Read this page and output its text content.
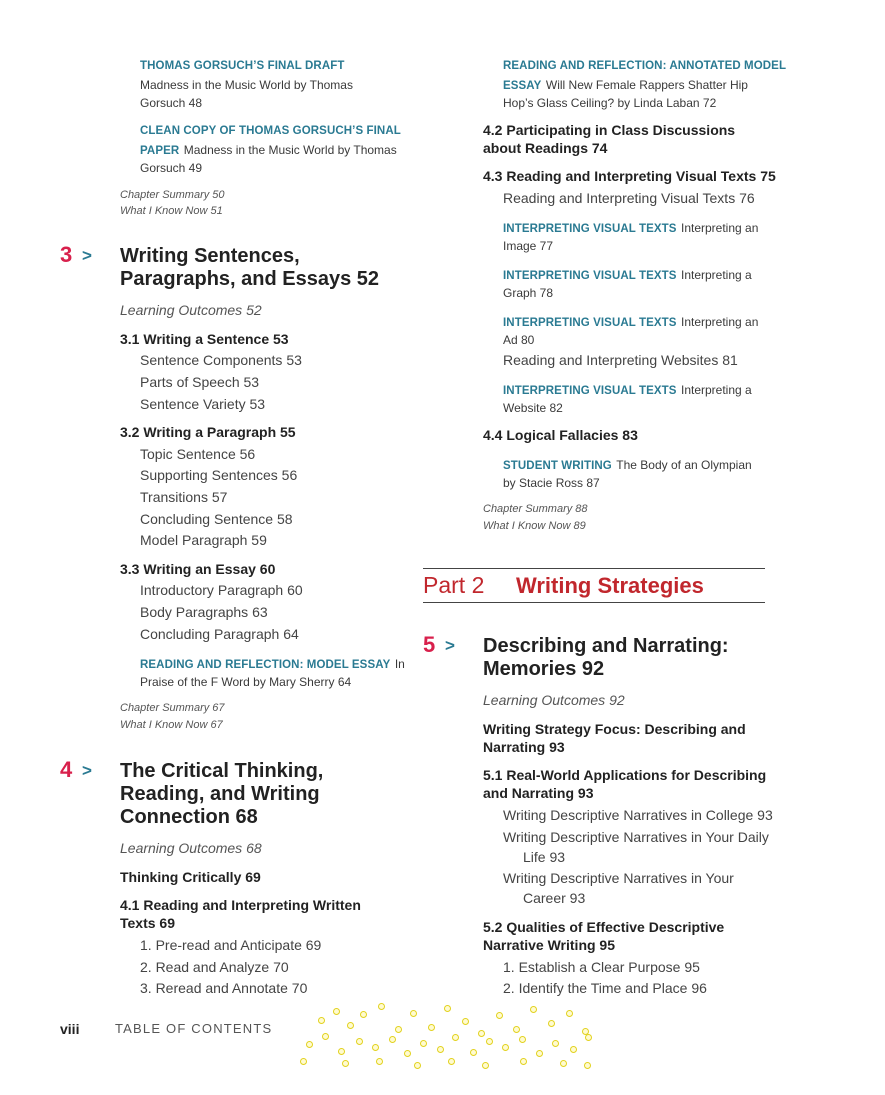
THOMAS GORSUCH’S FINAL DRAFT
Madness in the Music World by Thomas
Gorsuch 48
CLEAN COPY OF THOMAS GORSUCH’S FINAL
PAPER Madness in the Music World by Thomas
Gorsuch 49
Chapter Summary 50
What I Know Now 51
3 > Writing Sentences,
Paragraphs, and Essays 52
Learning Outcomes 52
3.1 Writing a Sentence 53
Sentence Components 53
Parts of Speech 53
Sentence Variety 53
3.2 Writing a Paragraph 55
Topic Sentence 56
Supporting Sentences 56
Transitions 57
Concluding Sentence 58
Model Paragraph 59
3.3 Writing an Essay 60
Introductory Paragraph 60
Body Paragraphs 63
Concluding Paragraph 64
READING AND REFLECTION: MODEL ESSAY In
Praise of the F Word by Mary Sherry 64
Chapter Summary 67
What I Know Now 67
4 > The Critical Thinking,
Reading, and Writing
Connection 68
Learning Outcomes 68
Thinking Critically 69
4.1 Reading and Interpreting Written
Texts 69
1. Pre-read and Anticipate 69
2. Read and Analyze 70
3. Reread and Annotate 70
READING AND REFLECTION: ANNOTATED MODEL
ESSAY Will New Female Rappers Shatter Hip
Hop’s Glass Ceiling? by Linda Laban 72
4.2 Participating in Class Discussions
about Readings 74
4.3 Reading and Interpreting Visual Texts 75
Reading and Interpreting Visual Texts 76
INTERPRETING VISUAL TEXTS Interpreting an
Image 77
INTERPRETING VISUAL TEXTS Interpreting a
Graph 78
INTERPRETING VISUAL TEXTS Interpreting an
Ad 80
Reading and Interpreting Websites 81
INTERPRETING VISUAL TEXTS Interpreting a
Website 82
4.4 Logical Fallacies 83
STUDENT WRITING The Body of an Olympian
by Stacie Ross 87
Chapter Summary 88
What I Know Now 89
Part 2 Writing Strategies
5 > Describing and Narrating:
Memories 92
Learning Outcomes 92
Writing Strategy Focus: Describing and
Narrating 93
5.1 Real-World Applications for Describing
and Narrating 93
Writing Descriptive Narratives in College 93
Writing Descriptive Narratives in Your Daily
Life 93
Writing Descriptive Narratives in Your
Career 93
5.2 Qualities of Effective Descriptive
Narrative Writing 95
1. Establish a Clear Purpose 95
2. Identify the Time and Place 96
viii	TABLE OF CONTENTS
